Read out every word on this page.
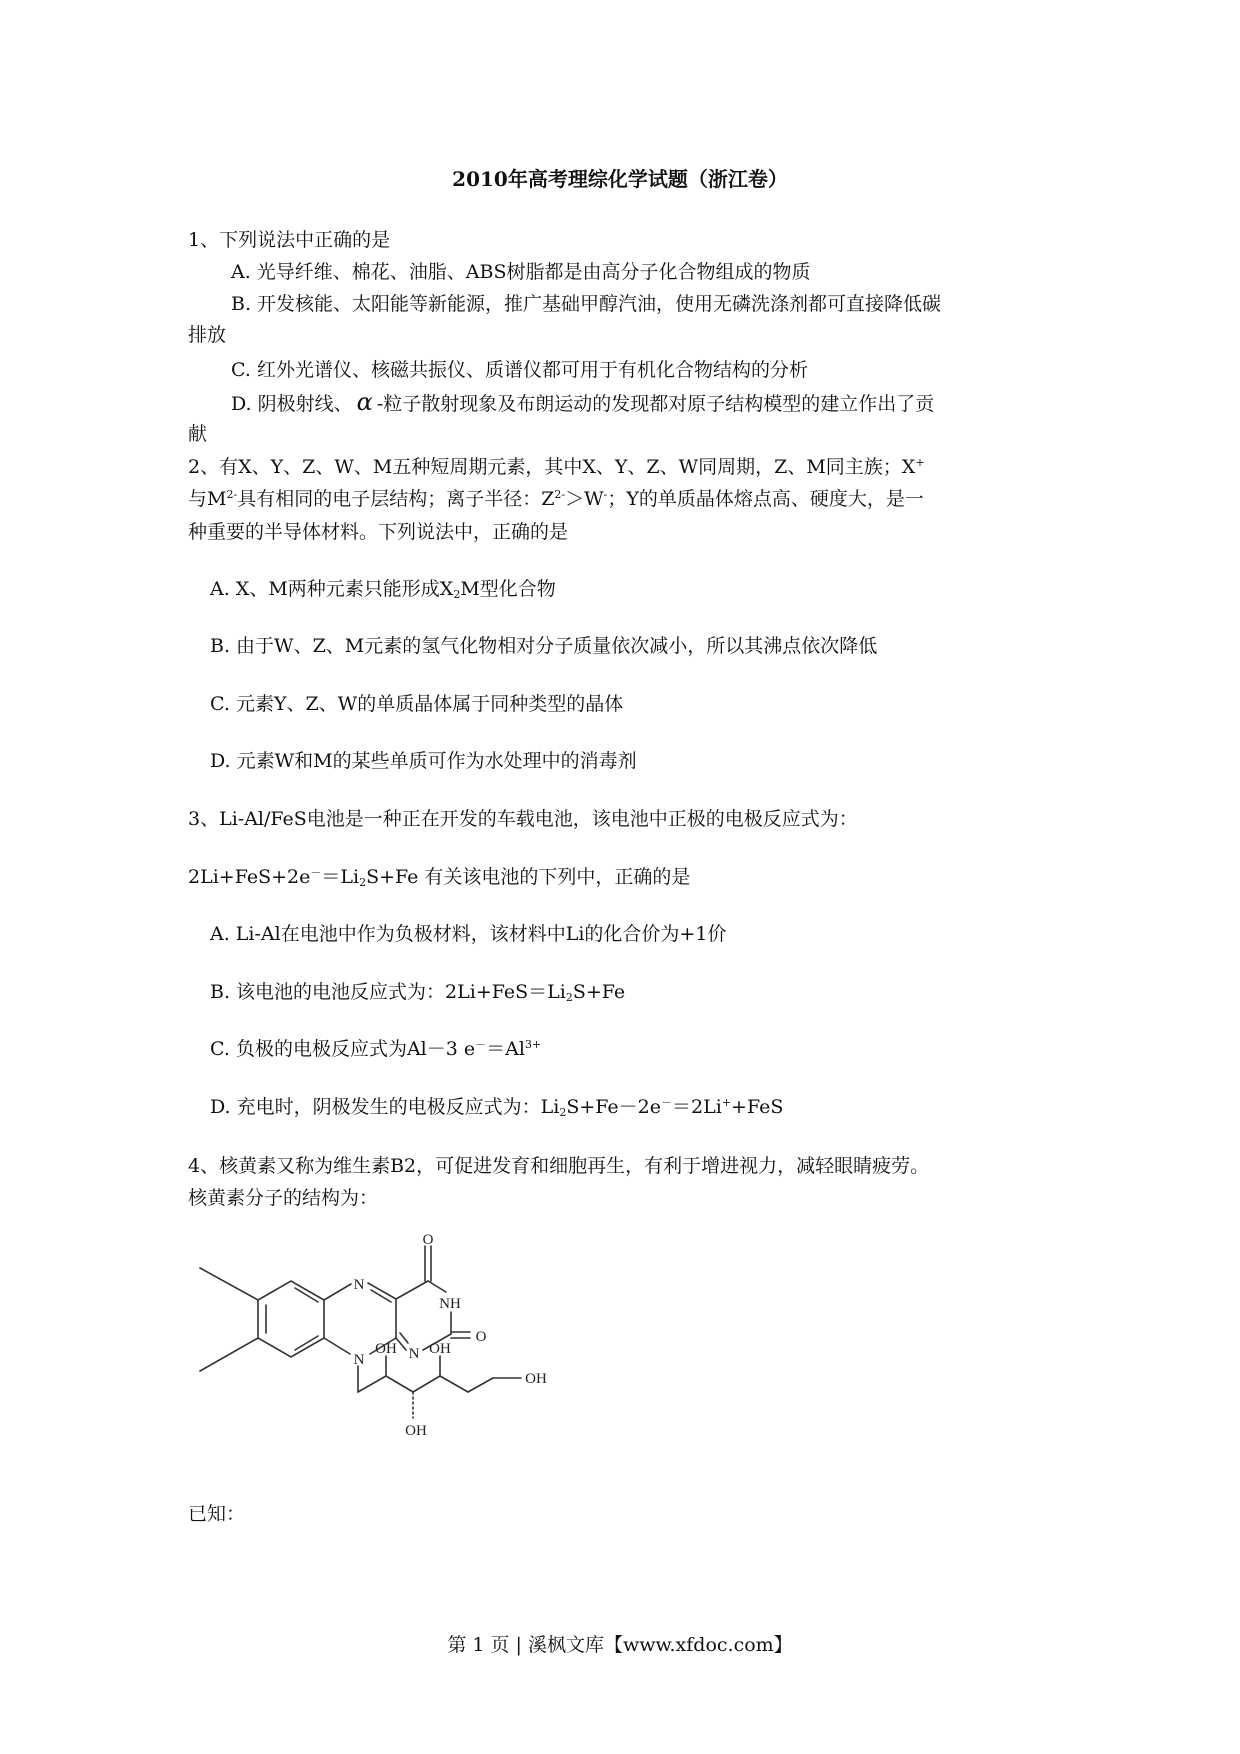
2010年高考理综化学试题（浙江卷）
1、下列说法中正确的是
A. 光导纤维、棉花、油脂、ABS树脂都是由高分子化合物组成的物质
B. 开发核能、太阳能等新能源，推广基础甲醇汽油，使用无磷洗涤剂都可直接降低碳
排放
C. 红外光谱仪、核磁共振仪、质谱仪都可用于有机化合物结构的分析
D. 阴极射线、 α -粒子散射现象及布朗运动的发现都对原子结构模型的建立作出了贡
献
2、有X、Y、Z、W、M五种短周期元素，其中X、Y、Z、W同周期，Z、M同主族；X+
与$M^{2-}$具有相同的电子层结构；离子半径：$Z^{2-}>W^-$；Y的单质晶体熔点高、硬度大，是一
种重要的半导体材料。下列说法中，正确的是
A. X、M两种元素只能形成$X_2M$型化合物
B. 由于W、Z、M元素的氢气化物相对分子质量依次减小，所以其沸点依次降低
C. 元素Y、Z、W的单质晶体属于同种类型的晶体
D. 元素W和M的某些单质可作为水处理中的消毒剂
3、Li-Al/FeS电池是一种正在开发的车载电池，该电池中正极的电极反应式为：
$2Li+FeS+2e^-=Li_2S+Fe$ 有关该电池的下列中，正确的是
A. Li-Al在电池中作为负极材料，该材料中Li的化合价为+1价
B. 该电池的电池反应式为：$2Li+FeS=Li_2S+Fe$
C. 负极的电极反应式为Al－3 $e^-=Al^{3+}$
D. 充电时，阴极发生的电极反应式为：$Li_2S+Fe-2e^-=2Li^++FeS$
4、核黄素又称为维生素B2，可促进发育和细胞再生，有利于增进视力，减轻眼睛疲劳。
核黄素分子的结构为：
O
N
NH
O
N
N
OH OH
OH
OH
已知：
第 1 页 | 溪枫文库【www.xfdoc.com】
